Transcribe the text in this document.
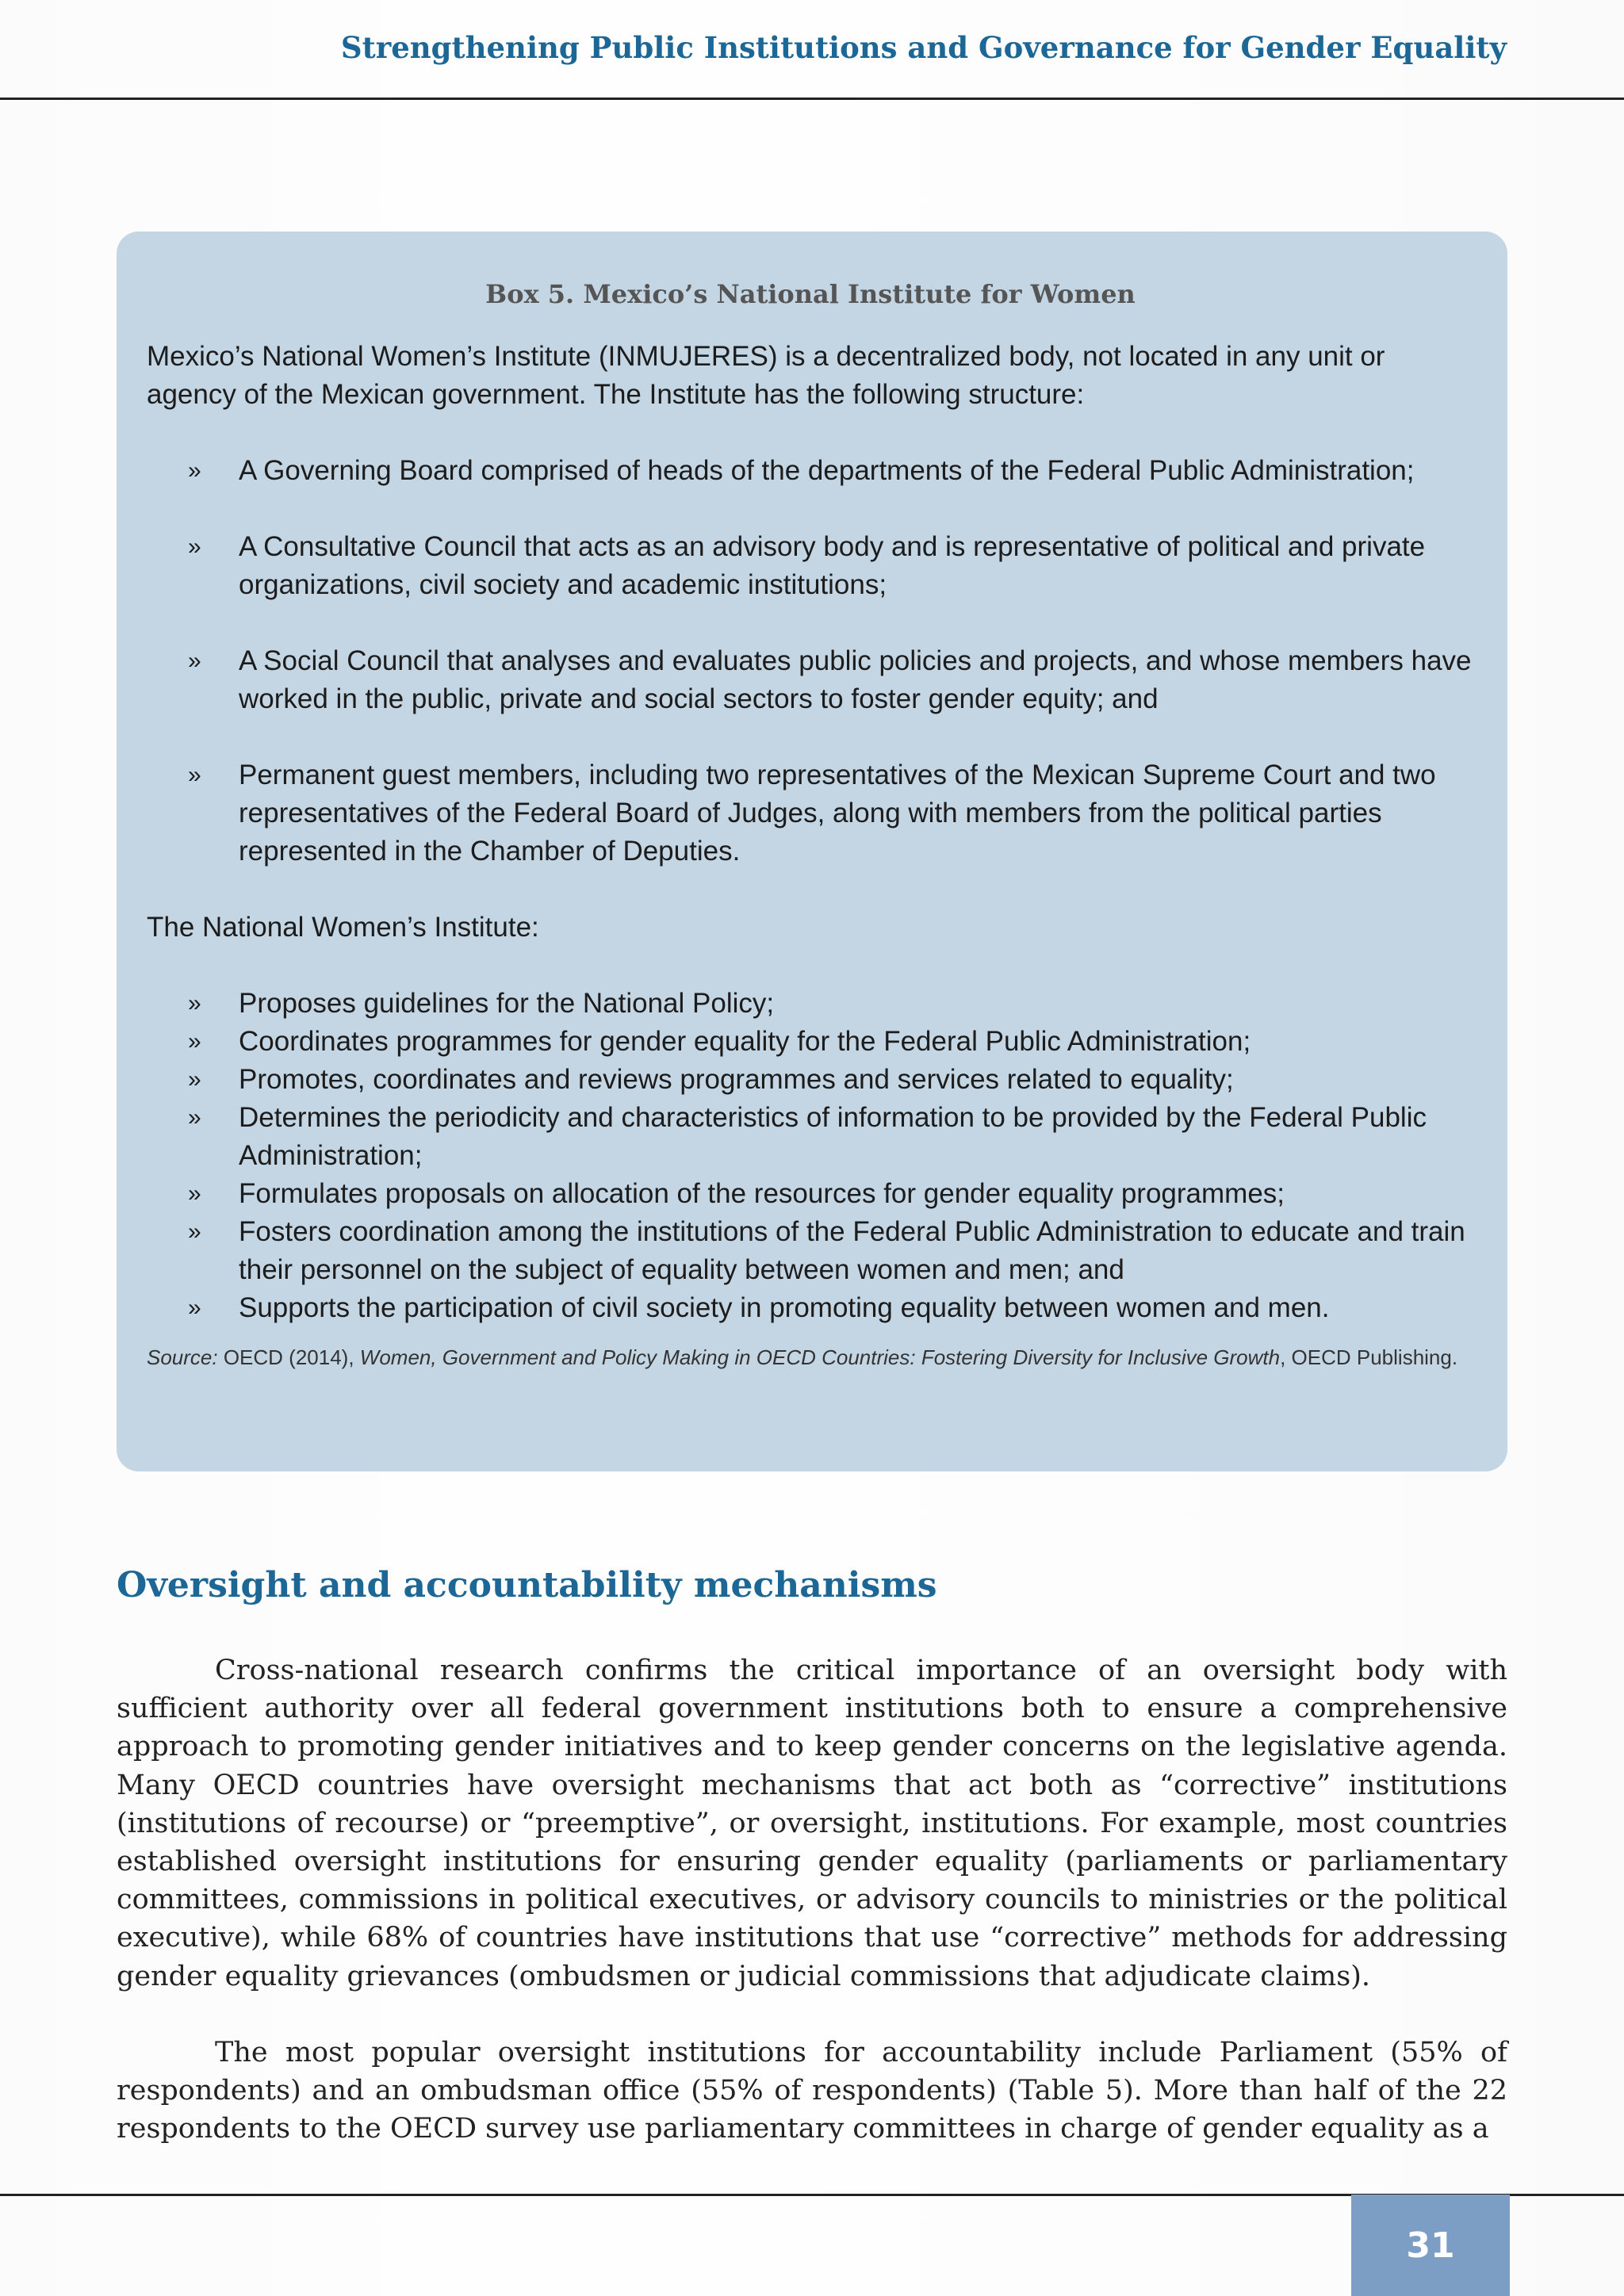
Strengthening Public Institutions and Governance for Gender Equality
Box 5. Mexico’s National Institute for Women

Mexico’s National Women’s Institute (INMUJERES) is a decentralized body, not located in any unit or agency of the Mexican government. The Institute has the following structure:

» A Governing Board comprised of heads of the departments of the Federal Public Administration;
» A Consultative Council that acts as an advisory body and is representative of political and private organizations, civil society and academic institutions;
» A Social Council that analyses and evaluates public policies and projects, and whose members have worked in the public, private and social sectors to foster gender equity; and
» Permanent guest members, including two representatives of the Mexican Supreme Court and two representatives of the Federal Board of Judges, along with members from the political parties represented in the Chamber of Deputies.

The National Women’s Institute:

» Proposes guidelines for the National Policy;
» Coordinates programmes for gender equality for the Federal Public Administration;
» Promotes, coordinates and reviews programmes and services related to equality;
» Determines the periodicity and characteristics of information to be provided by the Federal Public Administration;
» Formulates proposals on allocation of the resources for gender equality programmes;
» Fosters coordination among the institutions of the Federal Public Administration to educate and train their personnel on the subject of equality between women and men; and
» Supports the participation of civil society in promoting equality between women and men.

Source: OECD (2014), Women, Government and Policy Making in OECD Countries: Fostering Diversity for Inclusive Growth, OECD Publishing.

Oversight and accountability mechanisms

Cross-national research confirms the critical importance of an oversight body with sufficient authority over all federal government institutions both to ensure a comprehensive approach to promoting gender initiatives and to keep gender concerns on the legislative agenda. Many OECD countries have oversight mechanisms that act both as “corrective” institutions (institutions of recourse) or “preemptive”, or oversight, institutions. For example, most countries established oversight institutions for ensuring gender equality (parliaments or parliamentary committees, commissions in political executives, or advisory councils to ministries or the political executive), while 68% of countries have institutions that use “corrective” methods for addressing gender equality grievances (ombudsmen or judicial commissions that adjudicate claims).

The most popular oversight institutions for accountability include Parliament (55% of respondents) and an ombudsman office (55% of respondents) (Table 5). More than half of the 22 respondents to the OECD survey use parliamentary committees in charge of gender equality as a

31
